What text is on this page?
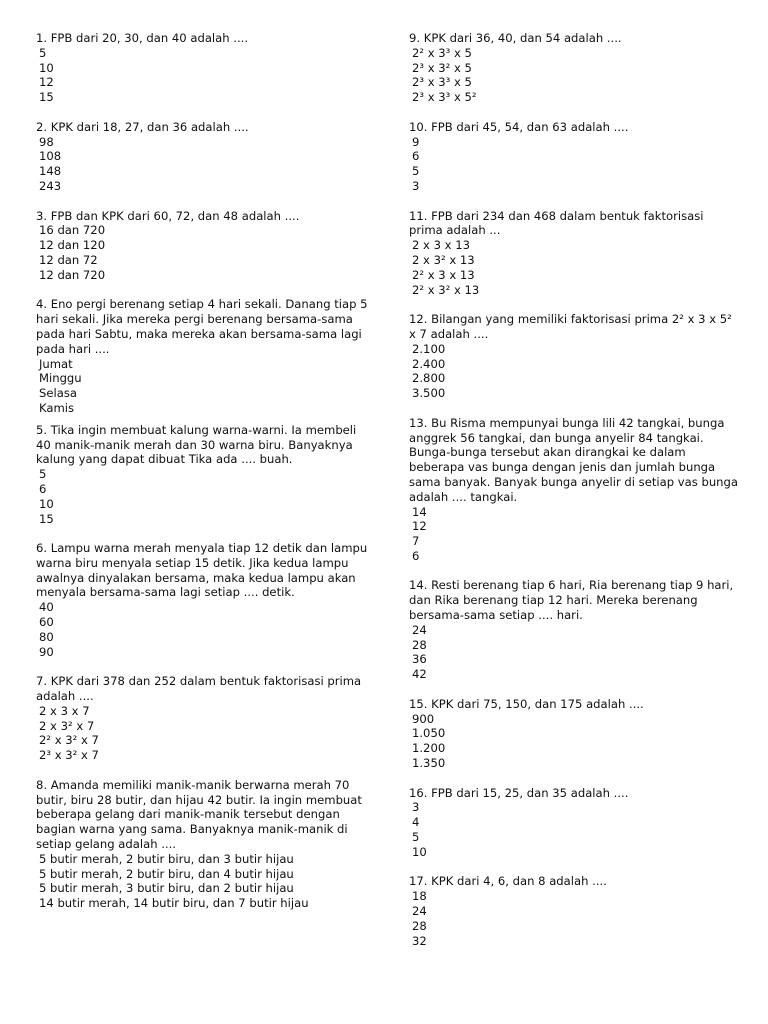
1. FPB dari 20, 30, dan 40 adalah ....

5
10
12
15

2. KPK dari 18, 27, dan 36 adalah ....

98
108
148
243

3. FPB dan KPK dari 60, 72, dan 48 adalah ....

16 dan 720
12 dan 120
12 dan 72
12 dan 720

4. Eno pergi berenang setiap 4 hari sekali. Danang tiap 5 hari sekali. Jika mereka pergi berenang bersama-sama pada hari Sabtu, maka mereka akan bersama-sama lagi pada hari ....

Jumat
Minggu
Selasa
Kamis

5. Tika ingin membuat kalung warna-warni. Ia membeli 40 manik-manik merah dan 30 warna biru. Banyaknya kalung yang dapat dibuat Tika ada .... buah.

5
6
10
15

6. Lampu warna merah menyala tiap 12 detik dan lampu warna biru menyala setiap 15 detik. Jika kedua lampu awalnya dinyalakan bersama, maka kedua lampu akan menyala bersama-sama lagi setiap .... detik.

40
60
80
90

7. KPK dari 378 dan 252 dalam bentuk faktorisasi prima adalah ....

2 x 3 x 7
2 x 3² x 7
2² x 3² x 7
2³ x 3² x 7

8. Amanda memiliki manik-manik berwarna merah 70 butir, biru 28 butir, dan hijau 42 butir. Ia ingin membuat beberapa gelang dari manik-manik tersebut dengan bagian warna yang sama. Banyaknya manik-manik di setiap gelang adalah ....

5 butir merah, 2 butir biru, dan 3 butir hijau
5 butir merah, 2 butir biru, dan 4 butir hijau
5 butir merah, 3 butir biru, dan 2 butir hijau
14 butir merah, 14 butir biru, dan 7 butir hijau

9. KPK dari 36, 40, dan 54 adalah ....

2² x 3³ x 5
2³ x 3² x 5
2³ x 3³ x 5
2³ x 3³ x 5²

10. FPB dari 45, 54, dan 63 adalah ....

9
6
5
3

11. FPB dari 234 dan 468 dalam bentuk faktorisasi prima adalah ...

2 x 3 x 13
2 x 3² x 13
2² x 3 x 13
2² x 3² x 13

12. Bilangan yang memiliki faktorisasi prima 2² x 3 x 5² x 7 adalah ....

2.100
2.400
2.800
3.500

13. Bu Risma mempunyai bunga lili 42 tangkai, bunga anggrek 56 tangkai, dan bunga anyelir 84 tangkai. Bunga-bunga tersebut akan dirangkai ke dalam beberapa vas bunga dengan jenis dan jumlah bunga sama banyak. Banyak bunga anyelir di setiap vas bunga adalah .... tangkai.

14
12
7
6

14. Resti berenang tiap 6 hari, Ria berenang tiap 9 hari, dan Rika berenang tiap 12 hari. Mereka berenang bersama-sama setiap .... hari.

24
28
36
42

15. KPK dari 75, 150, dan 175 adalah ....

900
1.050
1.200
1.350

16. FPB dari 15, 25, dan 35 adalah ....

3
4
5
10

17. KPK dari 4, 6, dan 8 adalah ....

18
24
28
32
